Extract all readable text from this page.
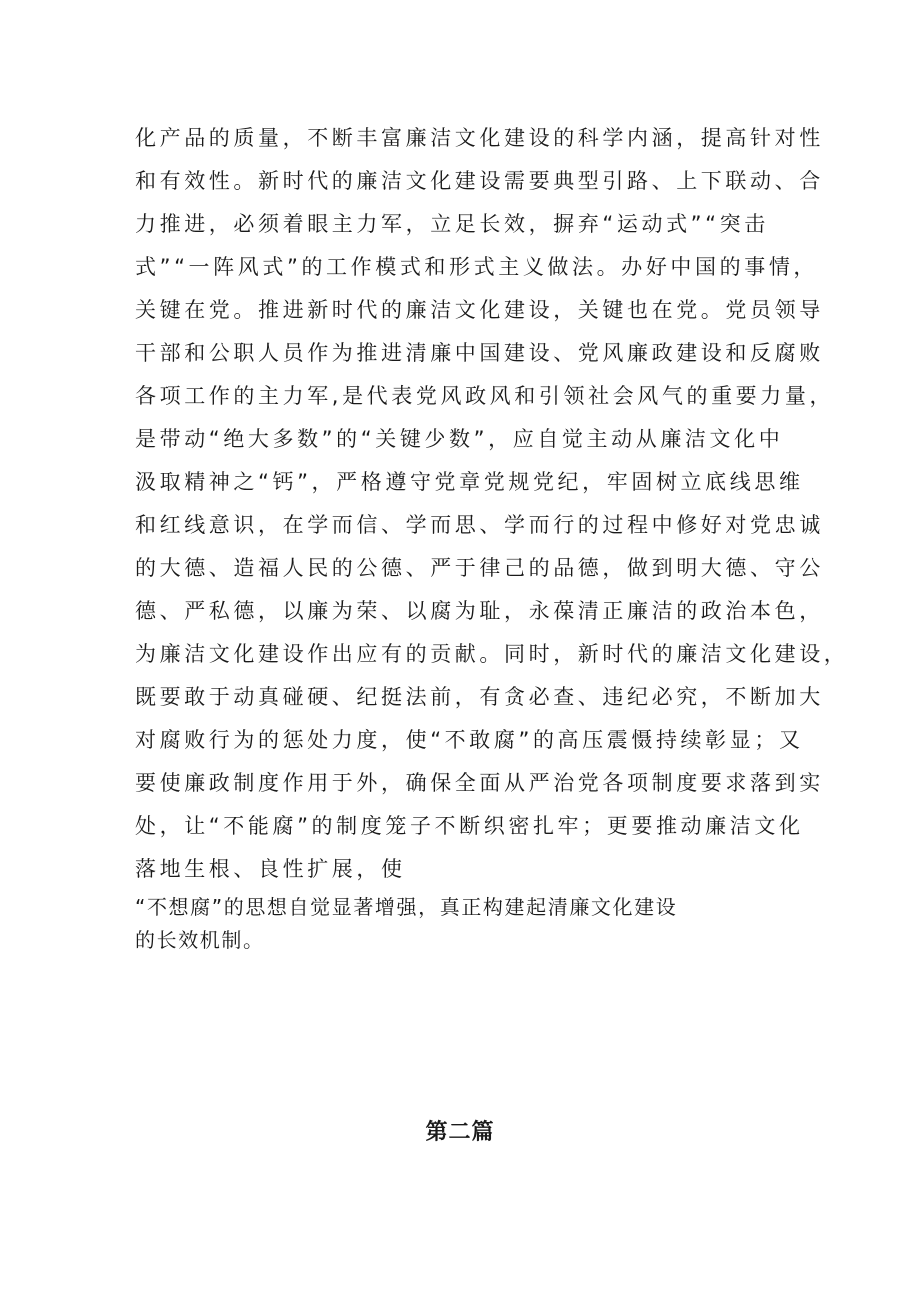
化产品的质量，不断丰富廉洁文化建设的科学内涵，提高针对性
和有效性。新时代的廉洁文化建设需要典型引路、上下联动、合
力推进，必须着眼主力军，立足长效，摒弃“运动式”“突击
式”“一阵风式”的工作模式和形式主义做法。办好中国的事情，
关键在党。推进新时代的廉洁文化建设，关键也在党。党员领导
干部和公职人员作为推进清廉中国建设、党风廉政建设和反腐败
各项工作的主力军,是代表党风政风和引领社会风气的重要力量，
是带动“绝大多数”的“关键少数”，应自觉主动从廉洁文化中
汲取精神之“钙”，严格遵守党章党规党纪，牢固树立底线思维
和红线意识，在学而信、学而思、学而行的过程中修好对党忠诚
的大德、造福人民的公德、严于律己的品德，做到明大德、守公
德、严私德，以廉为荣、以腐为耻，永葆清正廉洁的政治本色，
为廉洁文化建设作出应有的贡献。同时，新时代的廉洁文化建设，
既要敢于动真碰硬、纪挺法前，有贪必查、违纪必究，不断加大
对腐败行为的惩处力度，使“不敢腐”的高压震慑持续彰显；又
要使廉政制度作用于外，确保全面从严治党各项制度要求落到实
处，让“不能腐”的制度笼子不断织密扎牢；更要推动廉洁文化
落地生根、良性扩展，使
“不想腐”的思想自觉显著增强，真正构建起清廉文化建设
的长效机制。
第二篇
